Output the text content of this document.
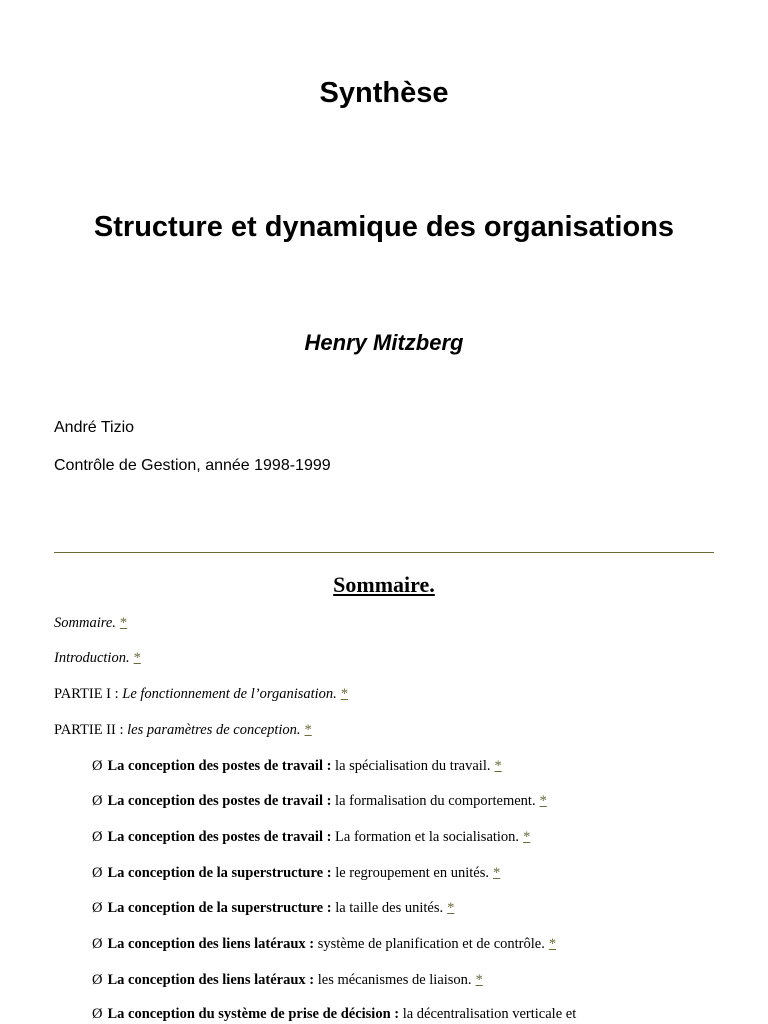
Synthèse
Structure et dynamique des organisations
Henry Mitzberg
André Tizio
Contrôle de Gestion, année 1998-1999
Sommaire.
Sommaire. *
Introduction. *
PARTIE I : Le fonctionnement de l’organisation. *
PARTIE II : les paramètres de conception. *
Ø La conception des postes de travail : la spécialisation du travail. *
Ø La conception des postes de travail : la formalisation du comportement. *
Ø La conception des postes de travail : La formation et la socialisation. *
Ø La conception de la superstructure : le regroupement en unités. *
Ø La conception de la superstructure : la taille des unités. *
Ø La conception des liens latéraux : système de planification et de contrôle. *
Ø La conception des liens latéraux : les mécanismes de liaison. *
Ø La conception du système de prise de décision : la décentralisation verticale et
